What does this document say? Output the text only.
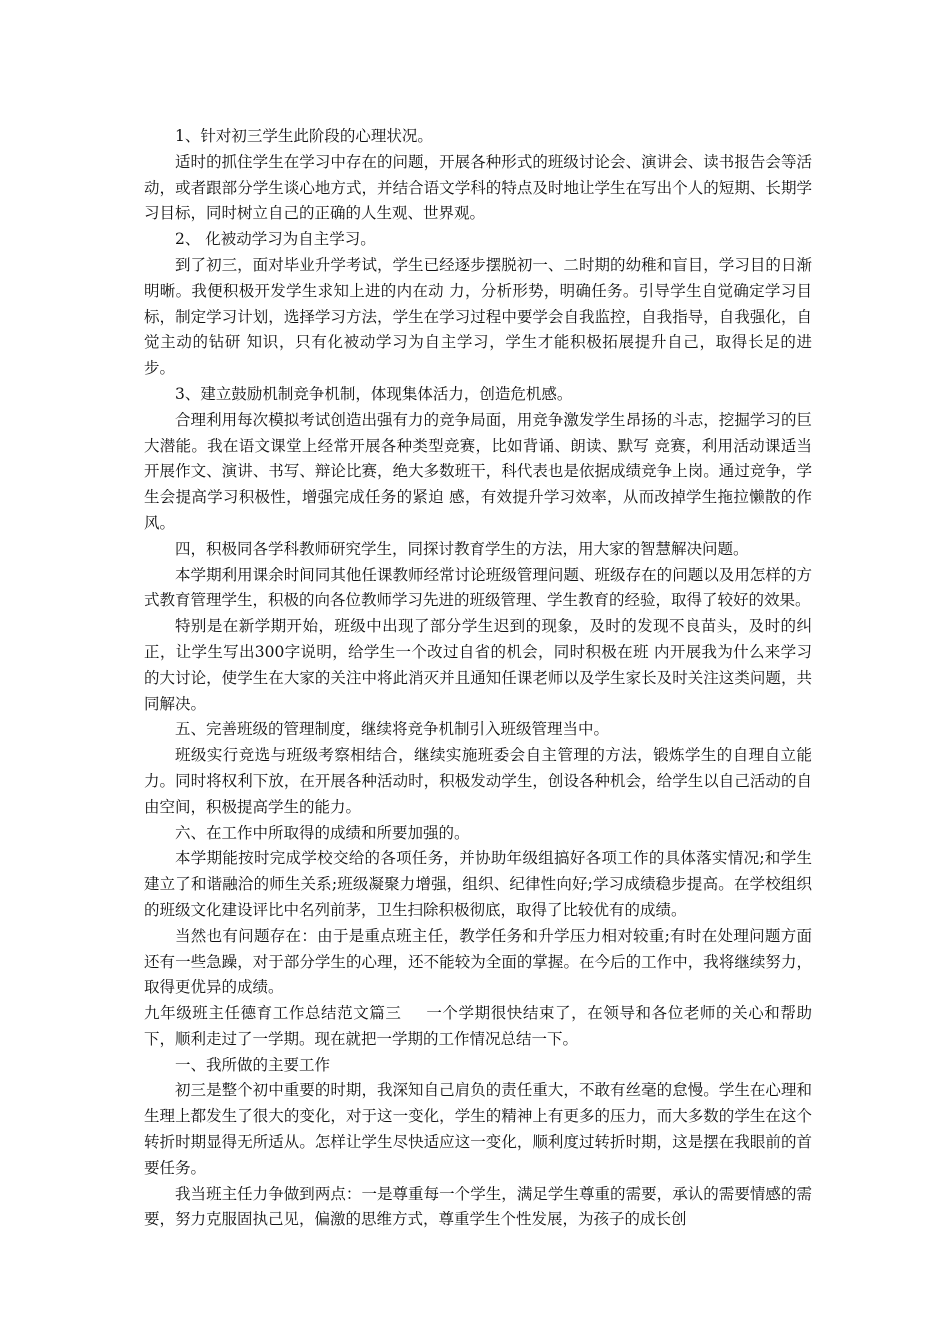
1、针对初三学生此阶段的心理状况。

适时的抓住学生在学习中存在的问题，开展各种形式的班级讨论会、演讲会、读书报告会等活动，或者跟部分学生谈心地方式，并结合语文学科的特点及时地让学生在写出个人的短期、长期学习目标，同时树立自己的正确的人生观、世界观。

2、 化被动学习为自主学习。

到了初三，面对毕业升学考试，学生已经逐步摆脱初一、二时期的幼稚和盲目，学习目的日渐明晰。我便积极开发学生求知上进的内在动 力，分析形势，明确任务。引导学生自觉确定学习目标，制定学习计划，选择学习方法，学生在学习过程中要学会自我监控，自我指导，自我强化，自觉主动的钻研 知识，只有化被动学习为自主学习，学生才能积极拓展提升自己，取得长足的进步。

3、建立鼓励机制竞争机制，体现集体活力，创造危机感。

合理利用每次模拟考试创造出强有力的竞争局面，用竞争激发学生昂扬的斗志，挖掘学习的巨大潜能。我在语文课堂上经常开展各种类型竞赛，比如背诵、朗读、默写 竞赛，利用活动课适当开展作文、演讲、书写、辩论比赛，绝大多数班干，科代表也是依据成绩竞争上岗。通过竞争，学生会提高学习积极性，增强完成任务的紧迫 感，有效提升学习效率，从而改掉学生拖拉懒散的作风。

四，积极同各学科教师研究学生，同探讨教育学生的方法，用大家的智慧解决问题。

本学期利用课余时间同其他任课教师经常讨论班级管理问题、班级存在的问题以及用怎样的方式教育管理学生，积极的向各位教师学习先进的班级管理、学生教育的经验，取得了较好的效果。

特别是在新学期开始，班级中出现了部分学生迟到的现象，及时的发现不良苗头，及时的纠正，让学生写出300字说明，给学生一个改过自省的机会，同时积极在班 内开展我为什么来学习的大讨论，使学生在大家的关注中将此消灭并且通知任课老师以及学生家长及时关注这类问题，共同解决。

五、完善班级的管理制度，继续将竞争机制引入班级管理当中。

班级实行竞选与班级考察相结合，继续实施班委会自主管理的方法，锻炼学生的自理自立能力。同时将权利下放，在开展各种活动时，积极发动学生，创设各种机会，给学生以自己活动的自由空间，积极提高学生的能力。

六、在工作中所取得的成绩和所要加强的。

本学期能按时完成学校交给的各项任务，并协助年级组搞好各项工作的具体落实情况;和学生建立了和谐融洽的师生关系;班级凝聚力增强，组织、纪律性向好;学习成绩稳步提高。在学校组织的班级文化建设评比中名列前茅，卫生扫除积极彻底，取得了比较优有的成绩。

当然也有问题存在：由于是重点班主任，教学任务和升学压力相对较重;有时在处理问题方面还有一些急躁，对于部分学生的心理，还不能较为全面的掌握。在今后的工作中，我将继续努力，取得更优异的成绩。

九年级班主任德育工作总结范文篇三 一个学期很快结束了，在领导和各位老师的关心和帮助下，顺利走过了一学期。现在就把一学期的工作情况总结一下。

一、我所做的主要工作

初三是整个初中重要的时期，我深知自己肩负的责任重大，不敢有丝毫的怠慢。学生在心理和生理上都发生了很大的变化，对于这一变化，学生的精神上有更多的压力，而大多数的学生在这个转折时期显得无所适从。怎样让学生尽快适应这一变化，顺利度过转折时期，这是摆在我眼前的首要任务。

我当班主任力争做到两点：一是尊重每一个学生，满足学生尊重的需要，承认的需要情感的需要，努力克服固执己见，偏激的思维方式，尊重学生个性发展，为孩子的成长创
